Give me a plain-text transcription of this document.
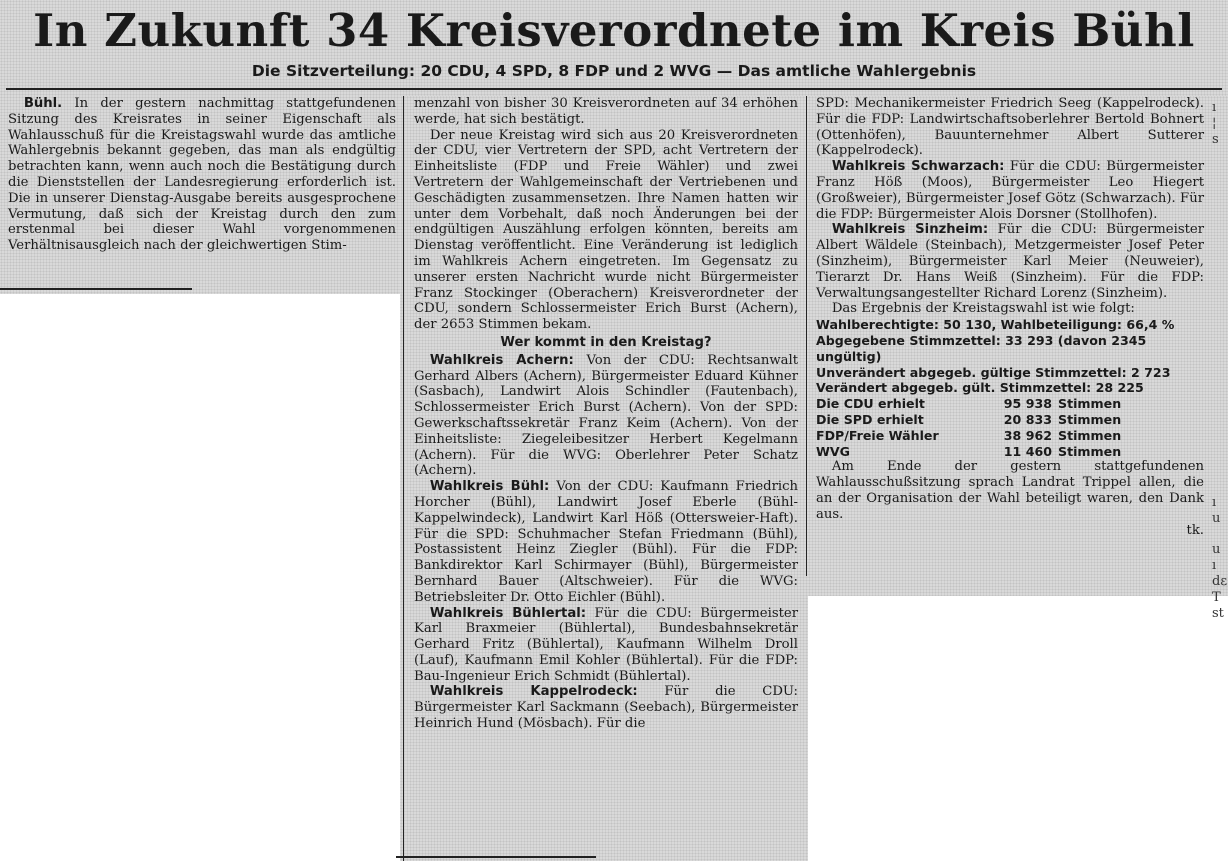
In Zukunft 34 Kreisverordnete im Kreis Bühl
Die Sitzverteilung: 20 CDU, 4 SPD, 8 FDP und 2 WVG — Das amtliche Wahlergebnis

Bühl. In der gestern nachmittag stattgefundenen Sitzung des Kreisrates in seiner Eigenschaft als Wahlausschuß für die Kreistagswahl wurde das amtliche Wahlergebnis bekannt gegeben, das man als endgültig betrachten kann, wenn auch noch die Bestätigung durch die Dienststellen der Landesregierung erforderlich ist. Die in unserer Dienstag-Ausgabe bereits ausgesprochene Vermutung, daß sich der Kreistag durch den zum erstenmal bei dieser Wahl vorgenommenen Verhältnisausgleich nach der gleichwertigen Stim-

menzahl von bisher 30 Kreisverordneten auf 34 erhöhen werde, hat sich bestätigt.

Der neue Kreistag wird sich aus 20 Kreisverordneten der CDU, vier Vertretern der SPD, acht Vertretern der Einheitsliste (FDP und Freie Wähler) und zwei Vertretern der Wahlgemeinschaft der Vertriebenen und Geschädigten zusammensetzen. Ihre Namen hatten wir unter dem Vorbehalt, daß noch Änderungen bei der endgültigen Auszählung erfolgen könnten, bereits am Dienstag veröffentlicht. Eine Veränderung ist lediglich im Wahlkreis Achern eingetreten. Im Gegensatz zu unserer ersten Nachricht wurde nicht Bürgermeister Franz Stockinger (Oberachern) Kreisverordneter der CDU, sondern Schlossermeister Erich Burst (Achern), der 2653 Stimmen bekam.

Wer kommt in den Kreistag?

Wahlkreis Achern: Von der CDU: Rechtsanwalt Gerhard Albers (Achern), Bürgermeister Eduard Kühner (Sasbach), Landwirt Alois Schindler (Fautenbach), Schlossermeister Erich Burst (Achern). Von der SPD: Gewerkschaftssekretär Franz Keim (Achern). Von der Einheitsliste: Ziegeleibesitzer Herbert Kegelmann (Achern). Für die WVG: Oberlehrer Peter Schatz (Achern).

Wahlkreis Bühl: Von der CDU: Kaufmann Friedrich Horcher (Bühl), Landwirt Josef Eberle (Bühl-Kappelwindeck), Landwirt Karl Höß (Ottersweier-Haft). Für die SPD: Schuhmacher Stefan Friedmann (Bühl), Postassistent Heinz Ziegler (Bühl). Für die FDP: Bankdirektor Karl Schirmayer (Bühl), Bürgermeister Bernhard Bauer (Altschweier). Für die WVG: Betriebsleiter Dr. Otto Eichler (Bühl).

Wahlkreis Bühlertal: Für die CDU: Bürgermeister Karl Braxmeier (Bühlertal), Bundesbahnsekretär Gerhard Fritz (Bühlertal), Kaufmann Wilhelm Droll (Lauf), Kaufmann Emil Kohler (Bühlertal). Für die FDP: Bau-Ingenieur Erich Schmidt (Bühlertal).

Wahlkreis Kappelrodeck: Für die CDU: Bürgermeister Karl Sackmann (Seebach), Bürgermeister Heinrich Hund (Mösbach). Für die

SPD: Mechanikermeister Friedrich Seeg (Kappelrodeck). Für die FDP: Landwirtschaftsoberlehrer Bertold Bohnert (Ottenhöfen), Bauunternehmer Albert Sutterer (Kappelrodeck).

Wahlkreis Schwarzach: Für die CDU: Bürgermeister Franz Höß (Moos), Bürgermeister Leo Hiegert (Großweier), Bürgermeister Josef Götz (Schwarzach). Für die FDP: Bürgermeister Alois Dorsner (Stollhofen).

Wahlkreis Sinzheim: Für die CDU: Bürgermeister Albert Wäldele (Steinbach), Metzgermeister Josef Peter (Sinzheim), Bürgermeister Karl Meier (Neuweier), Tierarzt Dr. Hans Weiß (Sinzheim). Für die FDP: Verwaltungsangestellter Richard Lorenz (Sinzheim).

Das Ergebnis der Kreistagswahl ist wie folgt:

Wahlberechtigte: 50 130, Wahlbeteiligung: 66,4 %
Abgegebene Stimmzettel: 33 293 (davon 2345 ungültig)
Unverändert abgegeb. gültige Stimmzettel: 2 723
Verändert abgegeb. gült. Stimmzettel: 28 225
Die CDU erhielt	95 938 Stimmen
Die SPD erhielt	20 833 Stimmen
FDP/Freie Wähler	38 962 Stimmen
WVG	11 460 Stimmen

Am Ende der gestern stattgefundenen Wahlausschußsitzung sprach Landrat Trippel allen, die an der Organisation der Wahl beteiligt waren, den Dank aus.

tk.
ı
¦
s

ı
u

u
ı
dε
T
st
